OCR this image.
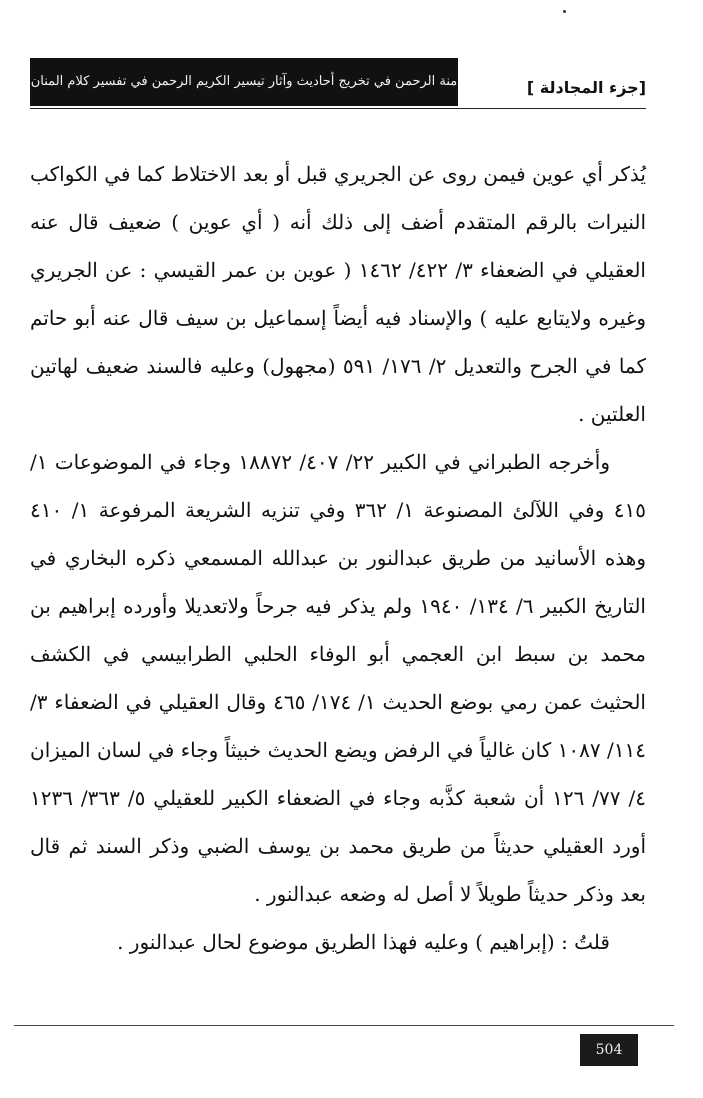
منة الرحمن في تخريج أحاديث وآثار تيسير الكريم الرحمن في تفسير كلام المنان	[جزء المجادلة ]

يُذكر أي عوين فيمن روى عن الجريري قبل أو بعد الاختلاط كما في الكواكب النيرات بالرقم المتقدم أضف إلى ذلك أنه ( أي عوين ) ضعيف قال عنه العقيلي في الضعفاء ٣/ ٤٢٢/ ١٤٦٢ ( عوين بن عمر القيسي : عن الجريري وغيره ولايتابع عليه ) والإسناد فيه أيضاً إسماعيل بن سيف قال عنه أبو حاتم كما في الجرح والتعديل ٢/ ١٧٦/ ٥٩١ (مجهول) وعليه فالسند ضعيف لهاتين العلتين .

وأخرجه الطبراني في الكبير ٢٢/ ٤٠٧/ ١٨٨٧٢ وجاء في الموضوعات ١/ ٤١٥ وفي اللآلئ المصنوعة ١/ ٣٦٢ وفي تنزيه الشريعة المرفوعة ١/ ٤١٠ وهذه الأسانيد من طريق عبدالنور بن عبدالله المسمعي ذكره البخاري في التاريخ الكبير ٦/ ١٣٤/ ١٩٤٠ ولم يذكر فيه جرحاً ولاتعديلا وأورده إبراهيم بن محمد بن سبط ابن العجمي أبو الوفاء الحلبي الطرابيسي في الكشف الحثيث عمن رمي بوضع الحديث ١/ ١٧٤/ ٤٦٥ وقال العقيلي في الضعفاء ٣/ ١١٤/ ١٠٨٧ كان غالياً في الرفض ويضع الحديث خبيثاً وجاء في لسان الميزان ٤/ ٧٧/ ١٢٦ أن شعبة كذَّبه وجاء في الضعفاء الكبير للعقيلي ٥/ ٣٦٣/ ١٢٣٦ أورد العقيلي حديثاً من طريق محمد بن يوسف الضبي وذكر السند ثم قال بعد وذكر حديثاً طويلاً لا أصل له وضعه عبدالنور .

قلتُ : (إبراهيم ) وعليه فهذا الطريق موضوع لحال عبدالنور .

504
